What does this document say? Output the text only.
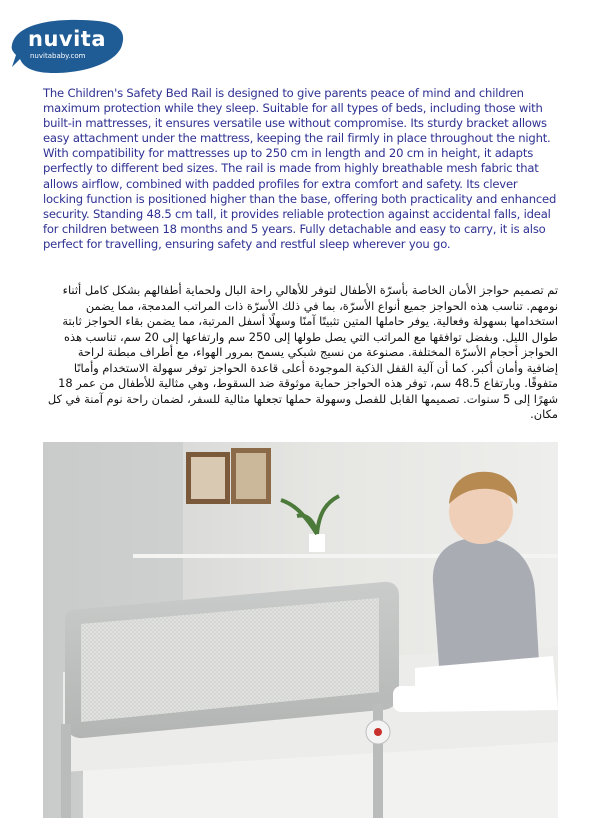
nuvita
nuvitababy.com

The Children's Safety Bed Rail is designed to give parents peace of mind and children maximum protection while they sleep. Suitable for all types of beds, including those with built-in mattresses, it ensures versatile use without compromise. Its sturdy bracket allows easy attachment under the mattress, keeping the rail firmly in place throughout the night. With compatibility for mattresses up to 250 cm in length and 20 cm in height, it adapts perfectly to different bed sizes. The rail is made from highly breathable mesh fabric that allows airflow, combined with padded profiles for extra comfort and safety. Its clever locking function is positioned higher than the base, offering both practicality and enhanced security. Standing 48.5 cm tall, it provides reliable protection against accidental falls, ideal for children between 18 months and 5 years. Fully detachable and easy to carry, it is also perfect for travelling, ensuring safety and restful sleep wherever you go.

تم تصميم حواجز الأمان الخاصة بأسرّة الأطفال لتوفر للأهالي راحة البال ولحماية أطفالهم بشكل كامل أثناء نومهم. تناسب هذه الحواجز جميع أنواع الأسرّة، بما في ذلك الأسرّة ذات المراتب المدمجة، مما يضمن استخدامها بسهولة وفعالية. يوفر حاملها المتين تثبيتًا آمنًا وسهلًا أسفل المرتبة، مما يضمن بقاء الحواجز ثابتة طوال الليل. وبفضل توافقها مع المراتب التي يصل طولها إلى 250 سم وارتفاعها إلى 20 سم، تناسب هذه الحواجز أحجام الأسرّة المختلفة. مصنوعة من نسيج شبكي يسمح بمرور الهواء، مع أطراف مبطنة لراحة إضافية وأمان أكبر. كما أن آلية القفل الذكية الموجودة أعلى قاعدة الحواجز توفر سهولة الاستخدام وأمانًا متفوقًا. وبارتفاع 48.5 سم، توفر هذه الحواجز حماية موثوقة ضد السقوط، وهي مثالية للأطفال من عمر 18 شهرًا إلى 5 سنوات. تصميمها القابل للفصل وسهولة حملها تجعلها مثالية للسفر، لضمان راحة نوم آمنة في كل مكان.
